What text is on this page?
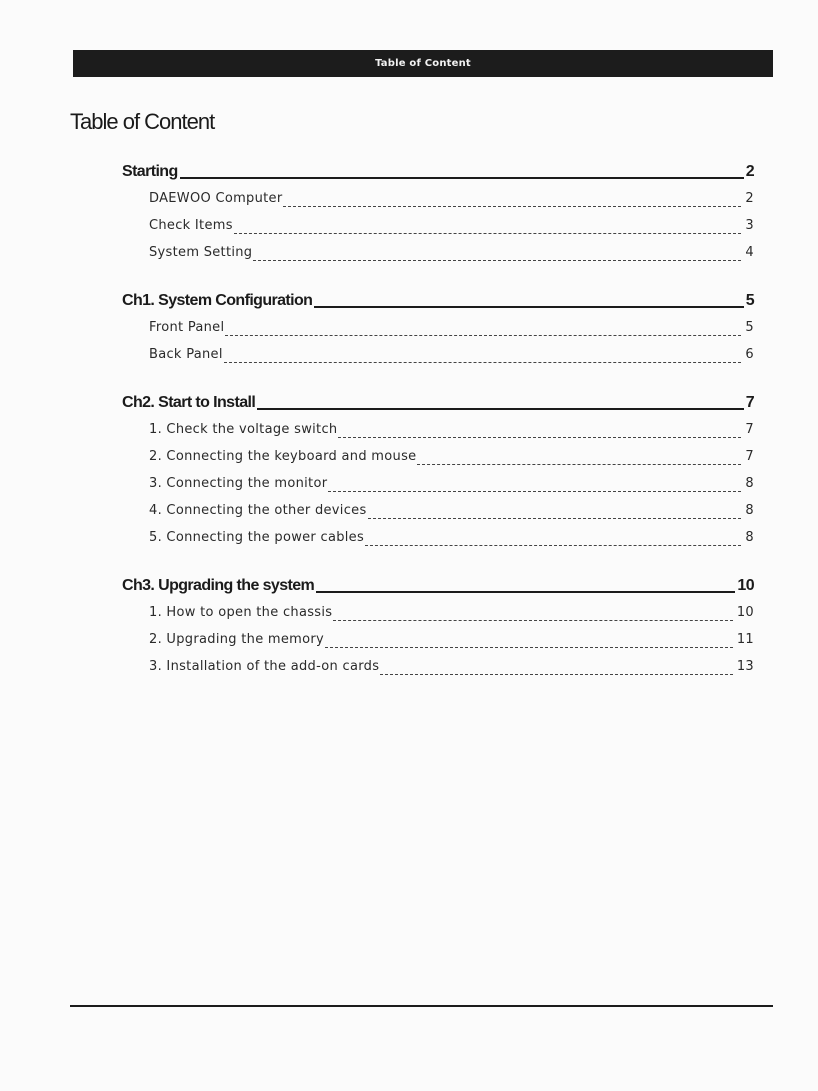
Table of Content
Table of Content
Starting	2
DAEWOO Computer	2
Check Items	3
System Setting	4
Ch1. System Configuration	5
Front Panel	5
Back Panel	6
Ch2. Start to Install	7
1. Check the voltage switch	7
2. Connecting the keyboard and mouse	7
3. Connecting the monitor	8
4. Connecting the other devices	8
5. Connecting the power cables	8
Ch3. Upgrading the system	10
1. How to open the chassis	10
2. Upgrading the memory	11
3. Installation of the add-on cards	13
